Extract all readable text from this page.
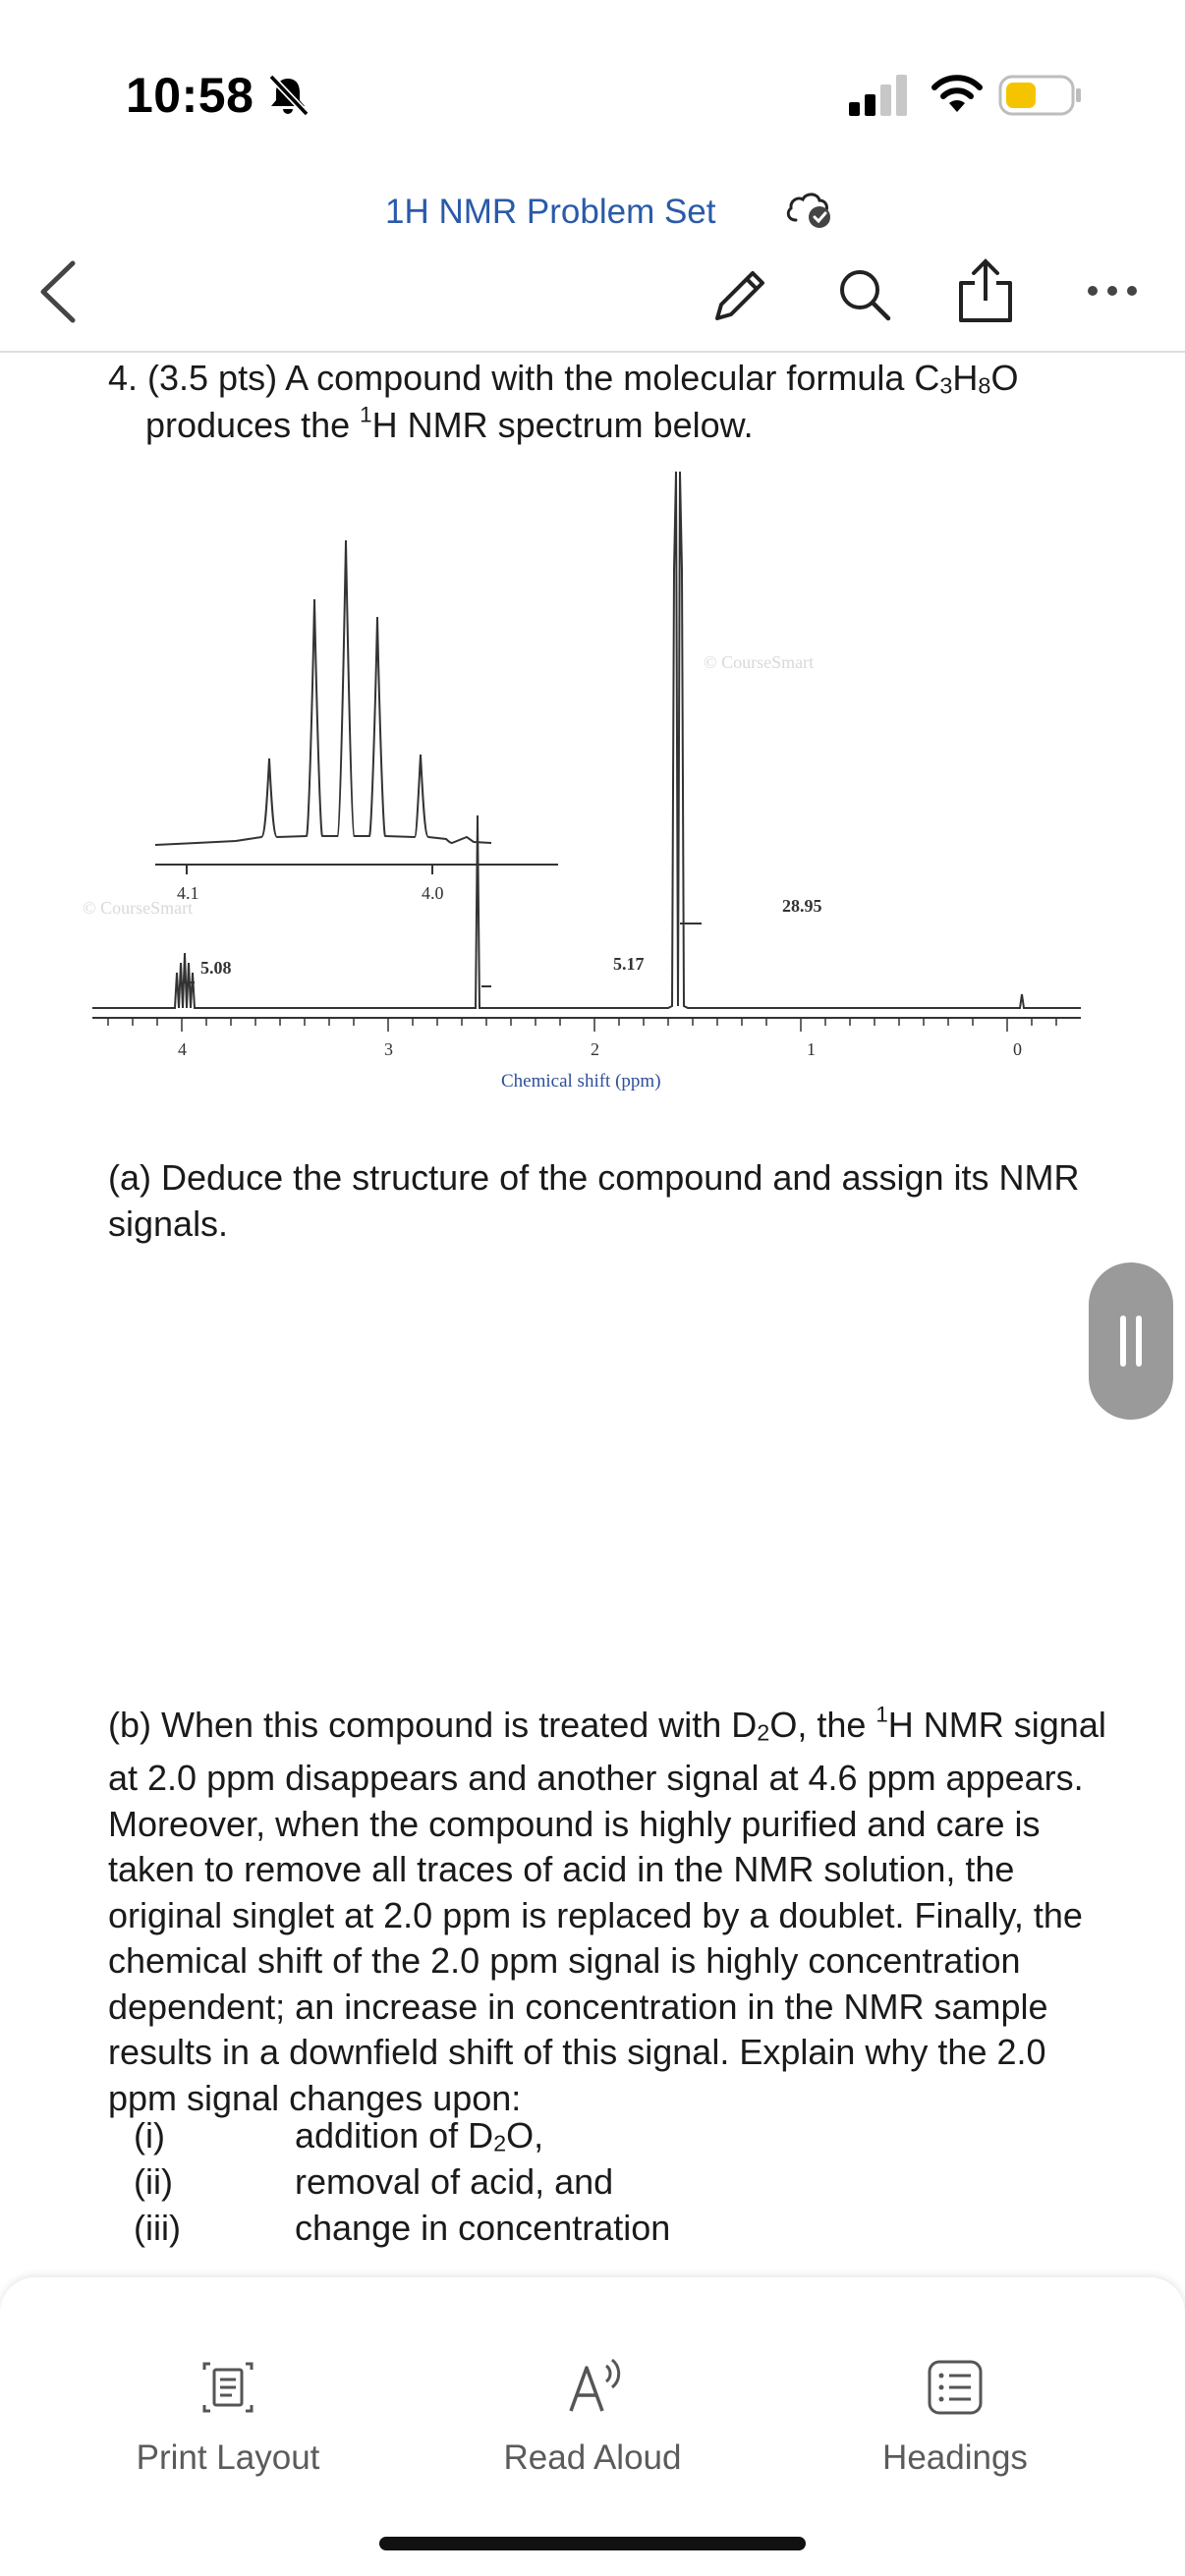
10:58
1H NMR Problem Set
4. (3.5 pts) A compound with the molecular formula $C_3H_8O$
produces the $^1$H NMR spectrum below.
© CourseSmart
© CourseSmart
4.1	4.0
5.08	5.17
28.95
4	3	2	1	0
Chemical shift (ppm)
(a) Deduce the structure of the compound and assign its NMR signals.
(b) When this compound is treated with $D_2O$, the $^1$H NMR signal at 2.0 ppm disappears and another signal at 4.6 ppm appears. Moreover, when the compound is highly purified and care is taken to remove all traces of acid in the NMR solution, the original singlet at 2.0 ppm is replaced by a doublet. Finally, the chemical shift of the 2.0 ppm signal is highly concentration dependent; an increase in concentration in the NMR sample results in a downfield shift of this signal. Explain why the 2.0 ppm signal changes upon:
(i)	addition of $D_2O$,
(ii)	removal of acid, and
(iii)	change in concentration
Print Layout	Read Aloud	Headings
